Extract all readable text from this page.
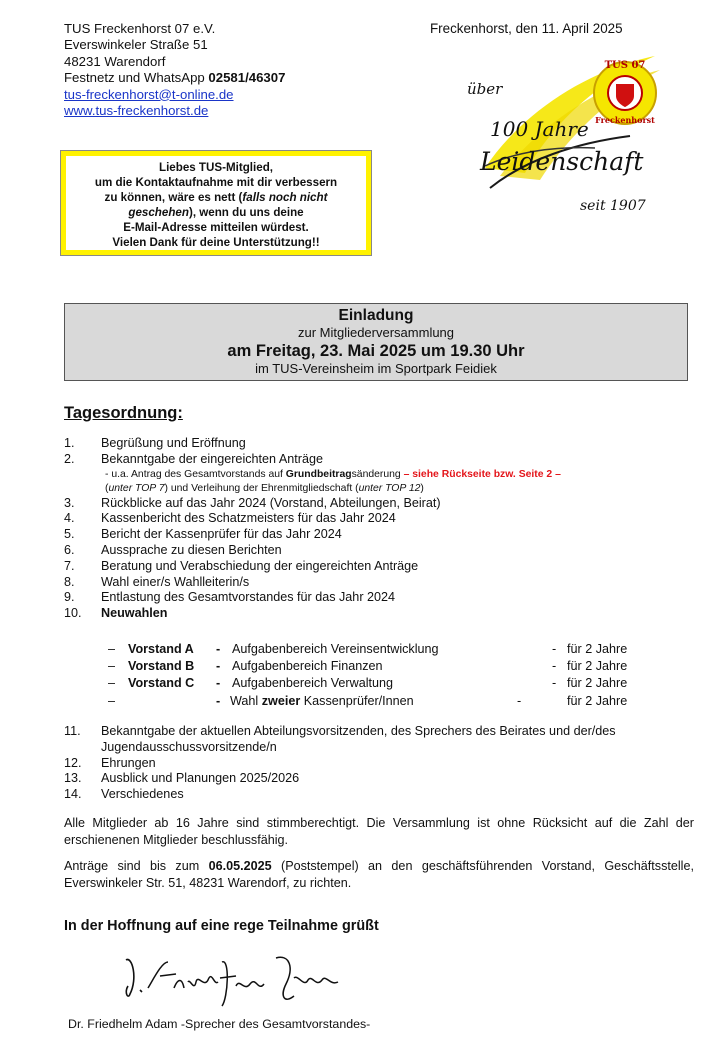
TUS Freckenhorst 07 e.V.
Everswinkeler Straße 51
48231 Warendorf
Festnetz und WhatsApp 02581/46307
tus-freckenhorst@t-online.de
www.tus-freckenhorst.de
Freckenhorst, den 11. April 2025
über
100 Jahre
Leidenschaft
seit 1907
TUS 07
Freckenhorst
Liebes TUS-Mitglied,
um die Kontaktaufnahme mit dir verbessern
zu können, wäre es nett (falls noch nicht
geschehen), wenn du uns deine
E-Mail-Adresse mitteilen würdest.
Vielen Dank für deine Unterstützung!!
Einladung
zur Mitgliederversammlung
am Freitag, 23. Mai 2025 um 19.30 Uhr
im TUS-Vereinsheim im Sportpark Feidiek
Tagesordnung:
1. Begrüßung und Eröffnung
2. Bekanntgabe der eingereichten Anträge
- u.a. Antrag des Gesamtvorstands auf Grundbeitragsänderung – siehe Rückseite bzw. Seite 2 –
(unter TOP 7) und Verleihung der Ehrenmitgliedschaft (unter TOP 12)
3. Rückblicke auf das Jahr 2024 (Vorstand, Abteilungen, Beirat)
4. Kassenbericht des Schatzmeisters für das Jahr 2024
5. Bericht der Kassenprüfer für das Jahr 2024
6. Aussprache zu diesen Berichten
7. Beratung und Verabschiedung der eingereichten Anträge
8. Wahl einer/s Wahlleiterin/s
9. Entlastung des Gesamtvorstandes für das Jahr 2024
10. Neuwahlen
– Vorstand A - Aufgabenbereich Vereinsentwicklung	- für 2 Jahre
– Vorstand B - Aufgabenbereich Finanzen	- für 2 Jahre
– Vorstand C - Aufgabenbereich Verwaltung	- für 2 Jahre
–	- Wahl zweier Kassenprüfer/Innen	-	für 2 Jahre
11. Bekanntgabe der aktuellen Abteilungsvorsitzenden, des Sprechers des Beirates und der/des Jugendausschussvorsitzende/n
12. Ehrungen
13. Ausblick und Planungen 2025/2026
14. Verschiedenes
Alle Mitglieder ab 16 Jahre sind stimmberechtigt. Die Versammlung ist ohne Rücksicht auf die Zahl der erschienenen Mitglieder beschlussfähig.
Anträge sind bis zum 06.05.2025 (Poststempel) an den geschäftsführenden Vorstand, Geschäftsstelle, Everswinkeler Str. 51, 48231 Warendorf, zu richten.
In der Hoffnung auf eine rege Teilnahme grüßt
Dr. Friedhelm Adam -Sprecher des Gesamtvorstandes-
